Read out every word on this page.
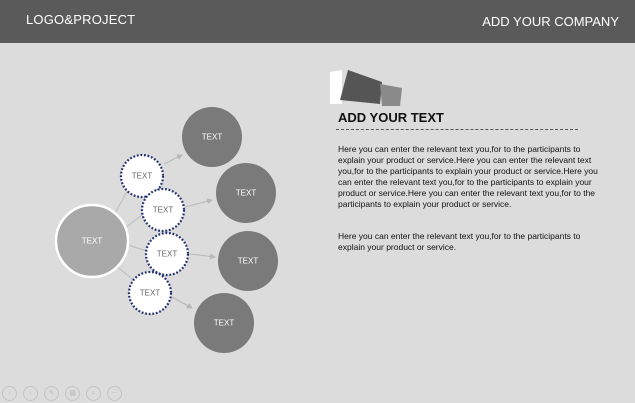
LOGO&PROJECT	ADD YOUR COMPANY
TEXT
TEXT
TEXT
TEXT
TEXT
TEXT
TEXT
TEXT
TEXT
ADD YOUR TEXT

Here you can enter the relevant text you,for to the participants to explain your product or service.Here you can enter the relevant text you,for to the participants to explain your product or service.Here you can enter the relevant text you,for to the participants to explain your product or service.Here you can enter the relevant text you,for to the participants to explain your product or service.

Here you can enter the relevant text you,for to the participants to explain your product or service.

‹	›	✎	▦	⌕	⋯
